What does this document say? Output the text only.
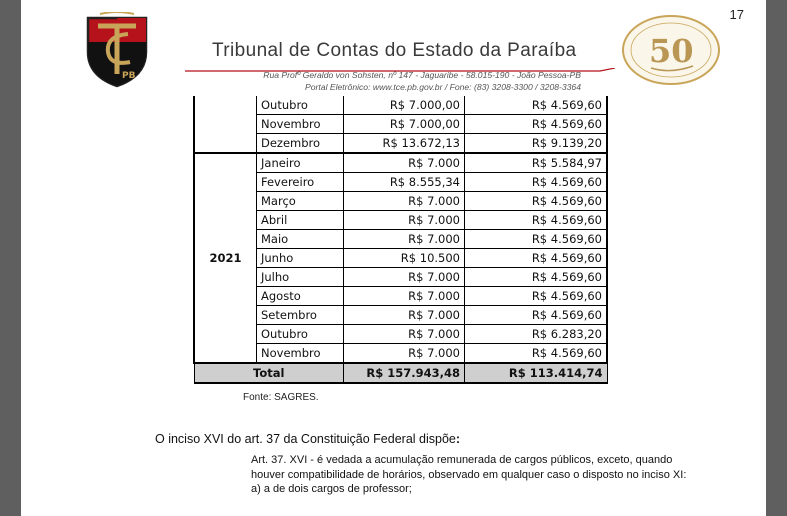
17
PB
Tribunal de Contas do Estado da Paraíba
Rua Profº Geraldo von Sohsten, nº 147 - Jaguaribe - 58.015-190 - João Pessoa-PB
Portal Eletrônico: www.tce.pb.gov.br / Fone: (83) 3208-3300 / 3208-3364
50
	Outubro	R$ 7.000,00	R$ 4.569,60
	Novembro	R$ 7.000,00	R$ 4.569,60
	Dezembro	R$ 13.672,13	R$ 9.139,20
2021	Janeiro	R$ 7.000	R$ 5.584,97
	Fevereiro	R$ 8.555,34	R$ 4.569,60
	Março	R$ 7.000	R$ 4.569,60
	Abril	R$ 7.000	R$ 4.569,60
	Maio	R$ 7.000	R$ 4.569,60
	Junho	R$ 10.500	R$ 4.569,60
	Julho	R$ 7.000	R$ 4.569,60
	Agosto	R$ 7.000	R$ 4.569,60
	Setembro	R$ 7.000	R$ 4.569,60
	Outubro	R$ 7.000	R$ 6.283,20
	Novembro	R$ 7.000	R$ 4.569,60
Total		R$ 157.943,48	R$ 113.414,74
Fonte: SAGRES.
O inciso XVI do art. 37 da Constituição Federal dispõe:

Art. 37. XVI - é vedada a acumulação remunerada de cargos públicos, exceto, quando houver compatibilidade de horários, observado em qualquer caso o disposto no inciso XI:

a) a de dois cargos de professor;
